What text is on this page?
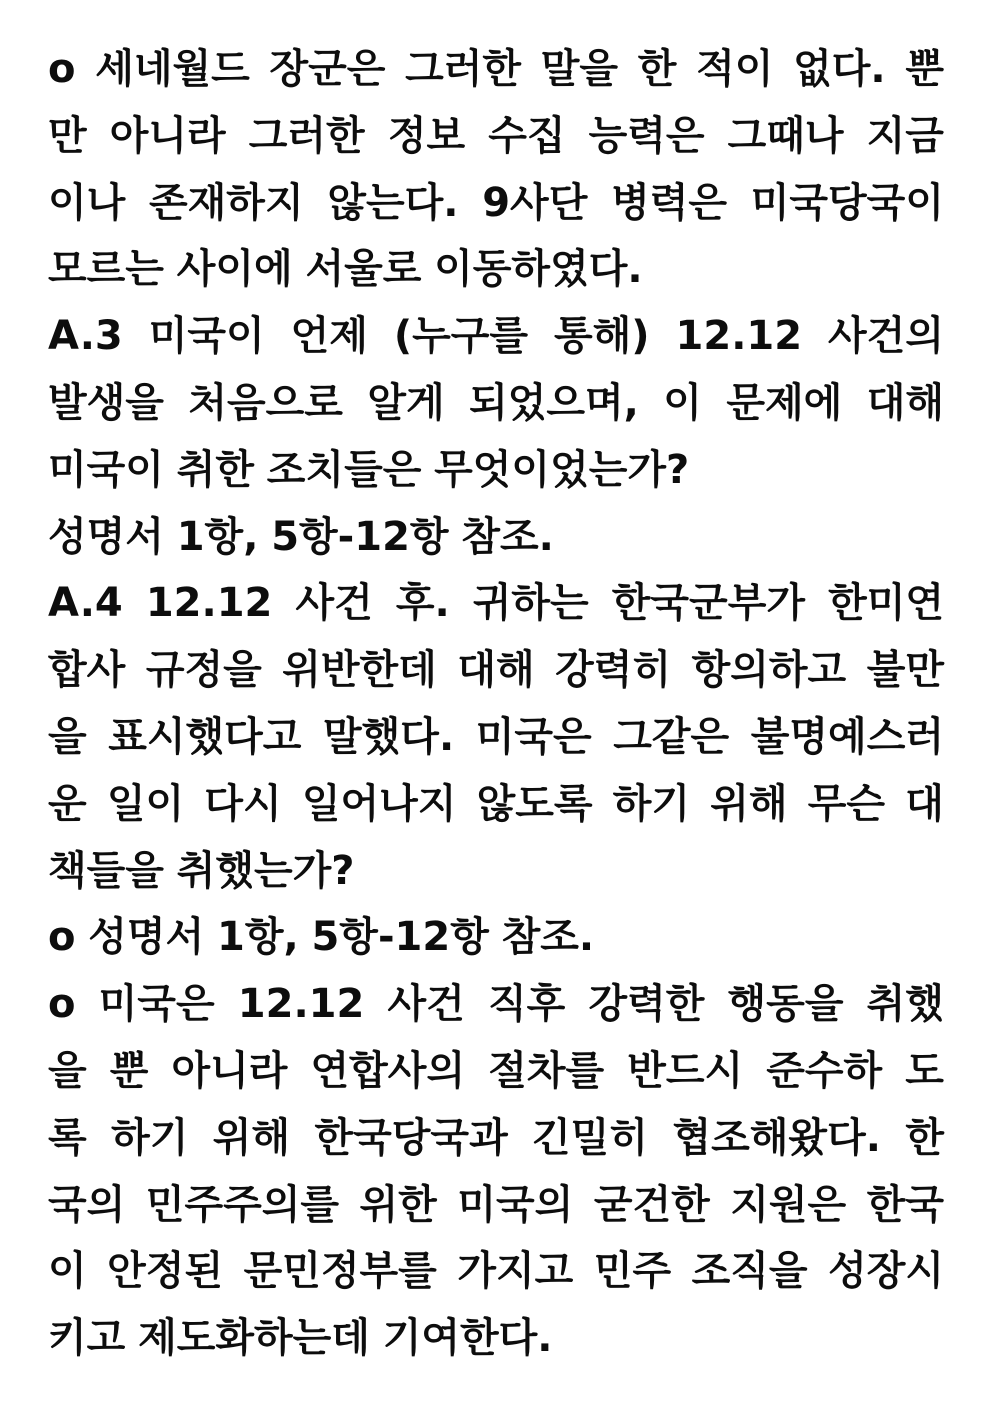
o 세네월드 장군은 그러한 말을 한 적이 없다. 뿐
만 아니라 그러한 정보 수집 능력은 그때나 지금
이나 존재하지 않는다. 9사단 병력은 미국당국이
모르는 사이에 서울로 이동하였다.
A.3 미국이 언제 (누구를 통해) 12.12 사건의
발생을 처음으로 알게 되었으며, 이 문제에 대해
미국이 취한 조치들은 무엇이었는가?
성명서 1항, 5항-12항 참조.
A.4 12.12 사건 후. 귀하는 한국군부가 한미연
합사 규정을 위반한데 대해 강력히 항의하고 불만
을 표시했다고 말했다. 미국은 그같은 불명예스러
운 일이 다시 일어나지 않도록 하기 위해 무슨 대
책들을 취했는가?
o 성명서 1항, 5항-12항 참조.
o 미국은 12.12 사건 직후 강력한 행동을 취했
을 뿐 아니라 연합사의 절차를 반드시 준수하 도
록 하기 위해 한국당국과 긴밀히 협조해왔다. 한
국의 민주주의를 위한 미국의 굳건한 지원은 한국
이 안정된 문민정부를 가지고 민주 조직을 성장시
키고 제도화하는데 기여한다.
